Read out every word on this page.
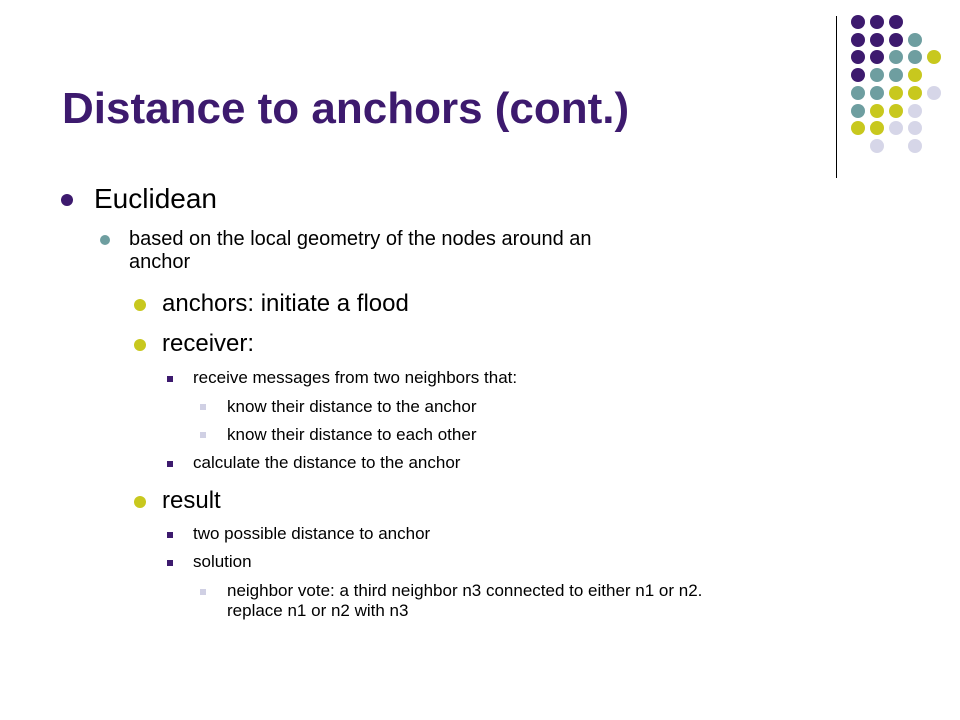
Distance to anchors (cont.)
Euclidean
based on the local geometry of the nodes around an
anchor
anchors: initiate a flood
receiver:
receive messages from two neighbors that:
know their distance to the anchor
know their distance to each other
calculate the distance to the anchor
result
two possible distance to anchor
solution
neighbor vote: a third neighbor n3 connected to either n1 or n2.
replace n1 or n2 with n3
